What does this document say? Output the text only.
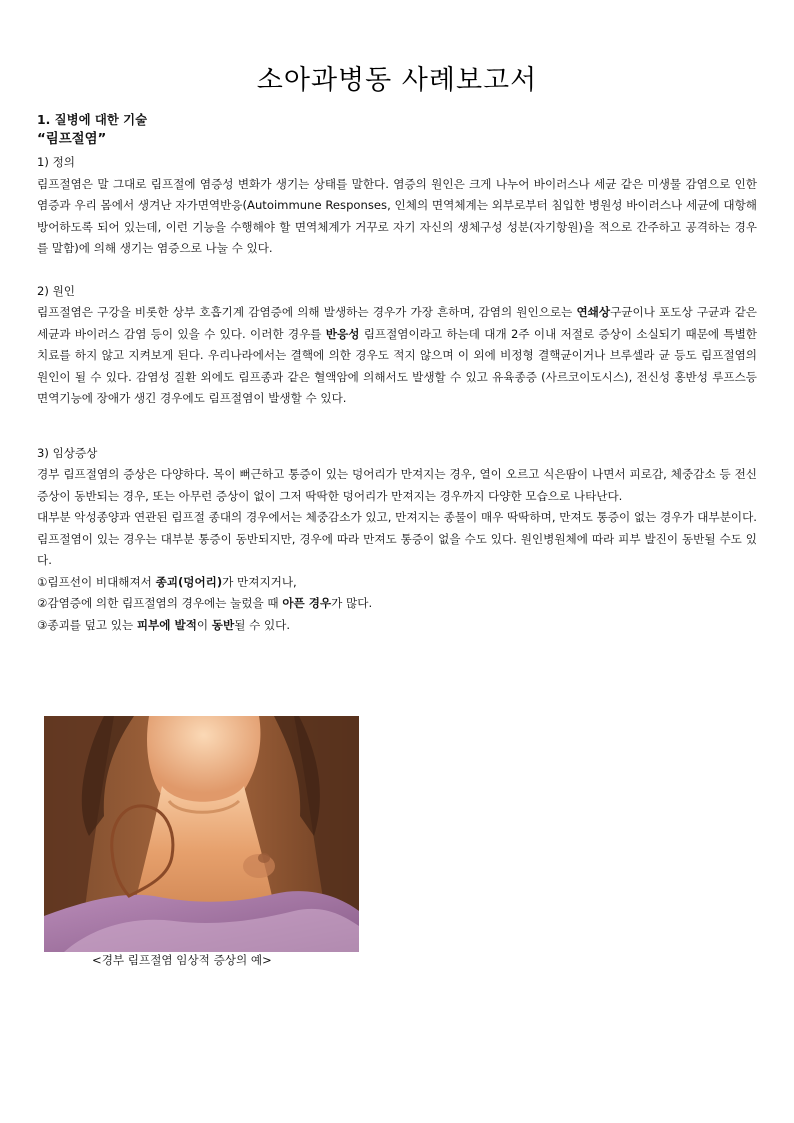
소아과병동 사례보고서
1. 질병에 대한 기술
“림프절염”
1) 정의

림프절염은 말 그대로 림프절에 염증성 변화가 생기는 상태를 말한다. 염증의 원인은 크게 나누어 바이러스나 세균 같은 미생물 감염으로 인한 염증과 우리 몸에서 생겨난 자가면역반응(Autoimmune Responses, 인체의 면역체계는 외부로부터 침입한 병원성 바이러스나 세균에 대항해 방어하도록 되어 있는데, 이런 기능을 수행해야 할 면역체계가 거꾸로 자기 자신의 생체구성 성분(자기항원)을 적으로 간주하고 공격하는 경우를 말함)에 의해 생기는 염증으로 나눌 수 있다.

2) 원인

림프절염은 구강을 비롯한 상부 호흡기계 감염증에 의해 발생하는 경우가 가장 흔하며, 감염의 원인으로는 연쇄상구균이나 포도상 구균과 같은 세균과 바이러스 감염 등이 있을 수 있다. 이러한 경우를 반응성 림프절염이라고 하는데 대개 2주 이내 저절로 증상이 소실되기 때문에 특별한 치료를 하지 않고 지켜보게 된다. 우리나라에서는 결핵에 의한 경우도 적지 않으며 이 외에 비정형 결핵균이거나 브루셀라 균 등도 림프절염의 원인이 될 수 있다. 감염성 질환 외에도 림프종과 같은 혈액암에 의해서도 발생할 수 있고 유육종증 (사르코이도시스), 전신성 홍반성 루프스등 면역기능에 장애가 생긴 경우에도 림프절염이 발생할 수 있다.

3) 임상증상

경부 림프절염의 증상은 다양하다. 목이 뻐근하고 통증이 있는 덩어리가 만져지는 경우, 열이 오르고 식은땀이 나면서 피로감, 체중감소 등 전신증상이 동반되는 경우, 또는 아무런 증상이 없이 그저 딱딱한 덩어리가 만져지는 경우까지 다양한 모습으로 나타난다.

대부분 악성종양과 연관된 림프절 종대의 경우에서는 체중감소가 있고, 만져지는 종물이 매우 딱딱하며, 만져도 통증이 없는 경우가 대부분이다. 림프절염이 있는 경우는 대부분 통증이 동반되지만, 경우에 따라 만져도 통증이 없을 수도 있다. 원인병원체에 따라 피부 발진이 동반될 수도 있다.

①림프선이 비대해져서 종괴(덩어리)가 만져지거나,
②감염증에 의한 림프절염의 경우에는 눌렀을 때 아픈 경우가 많다.
③종괴를 덮고 있는 피부에 발적이 동반될 수 있다.
<경부 림프절염 임상적 증상의 예>
